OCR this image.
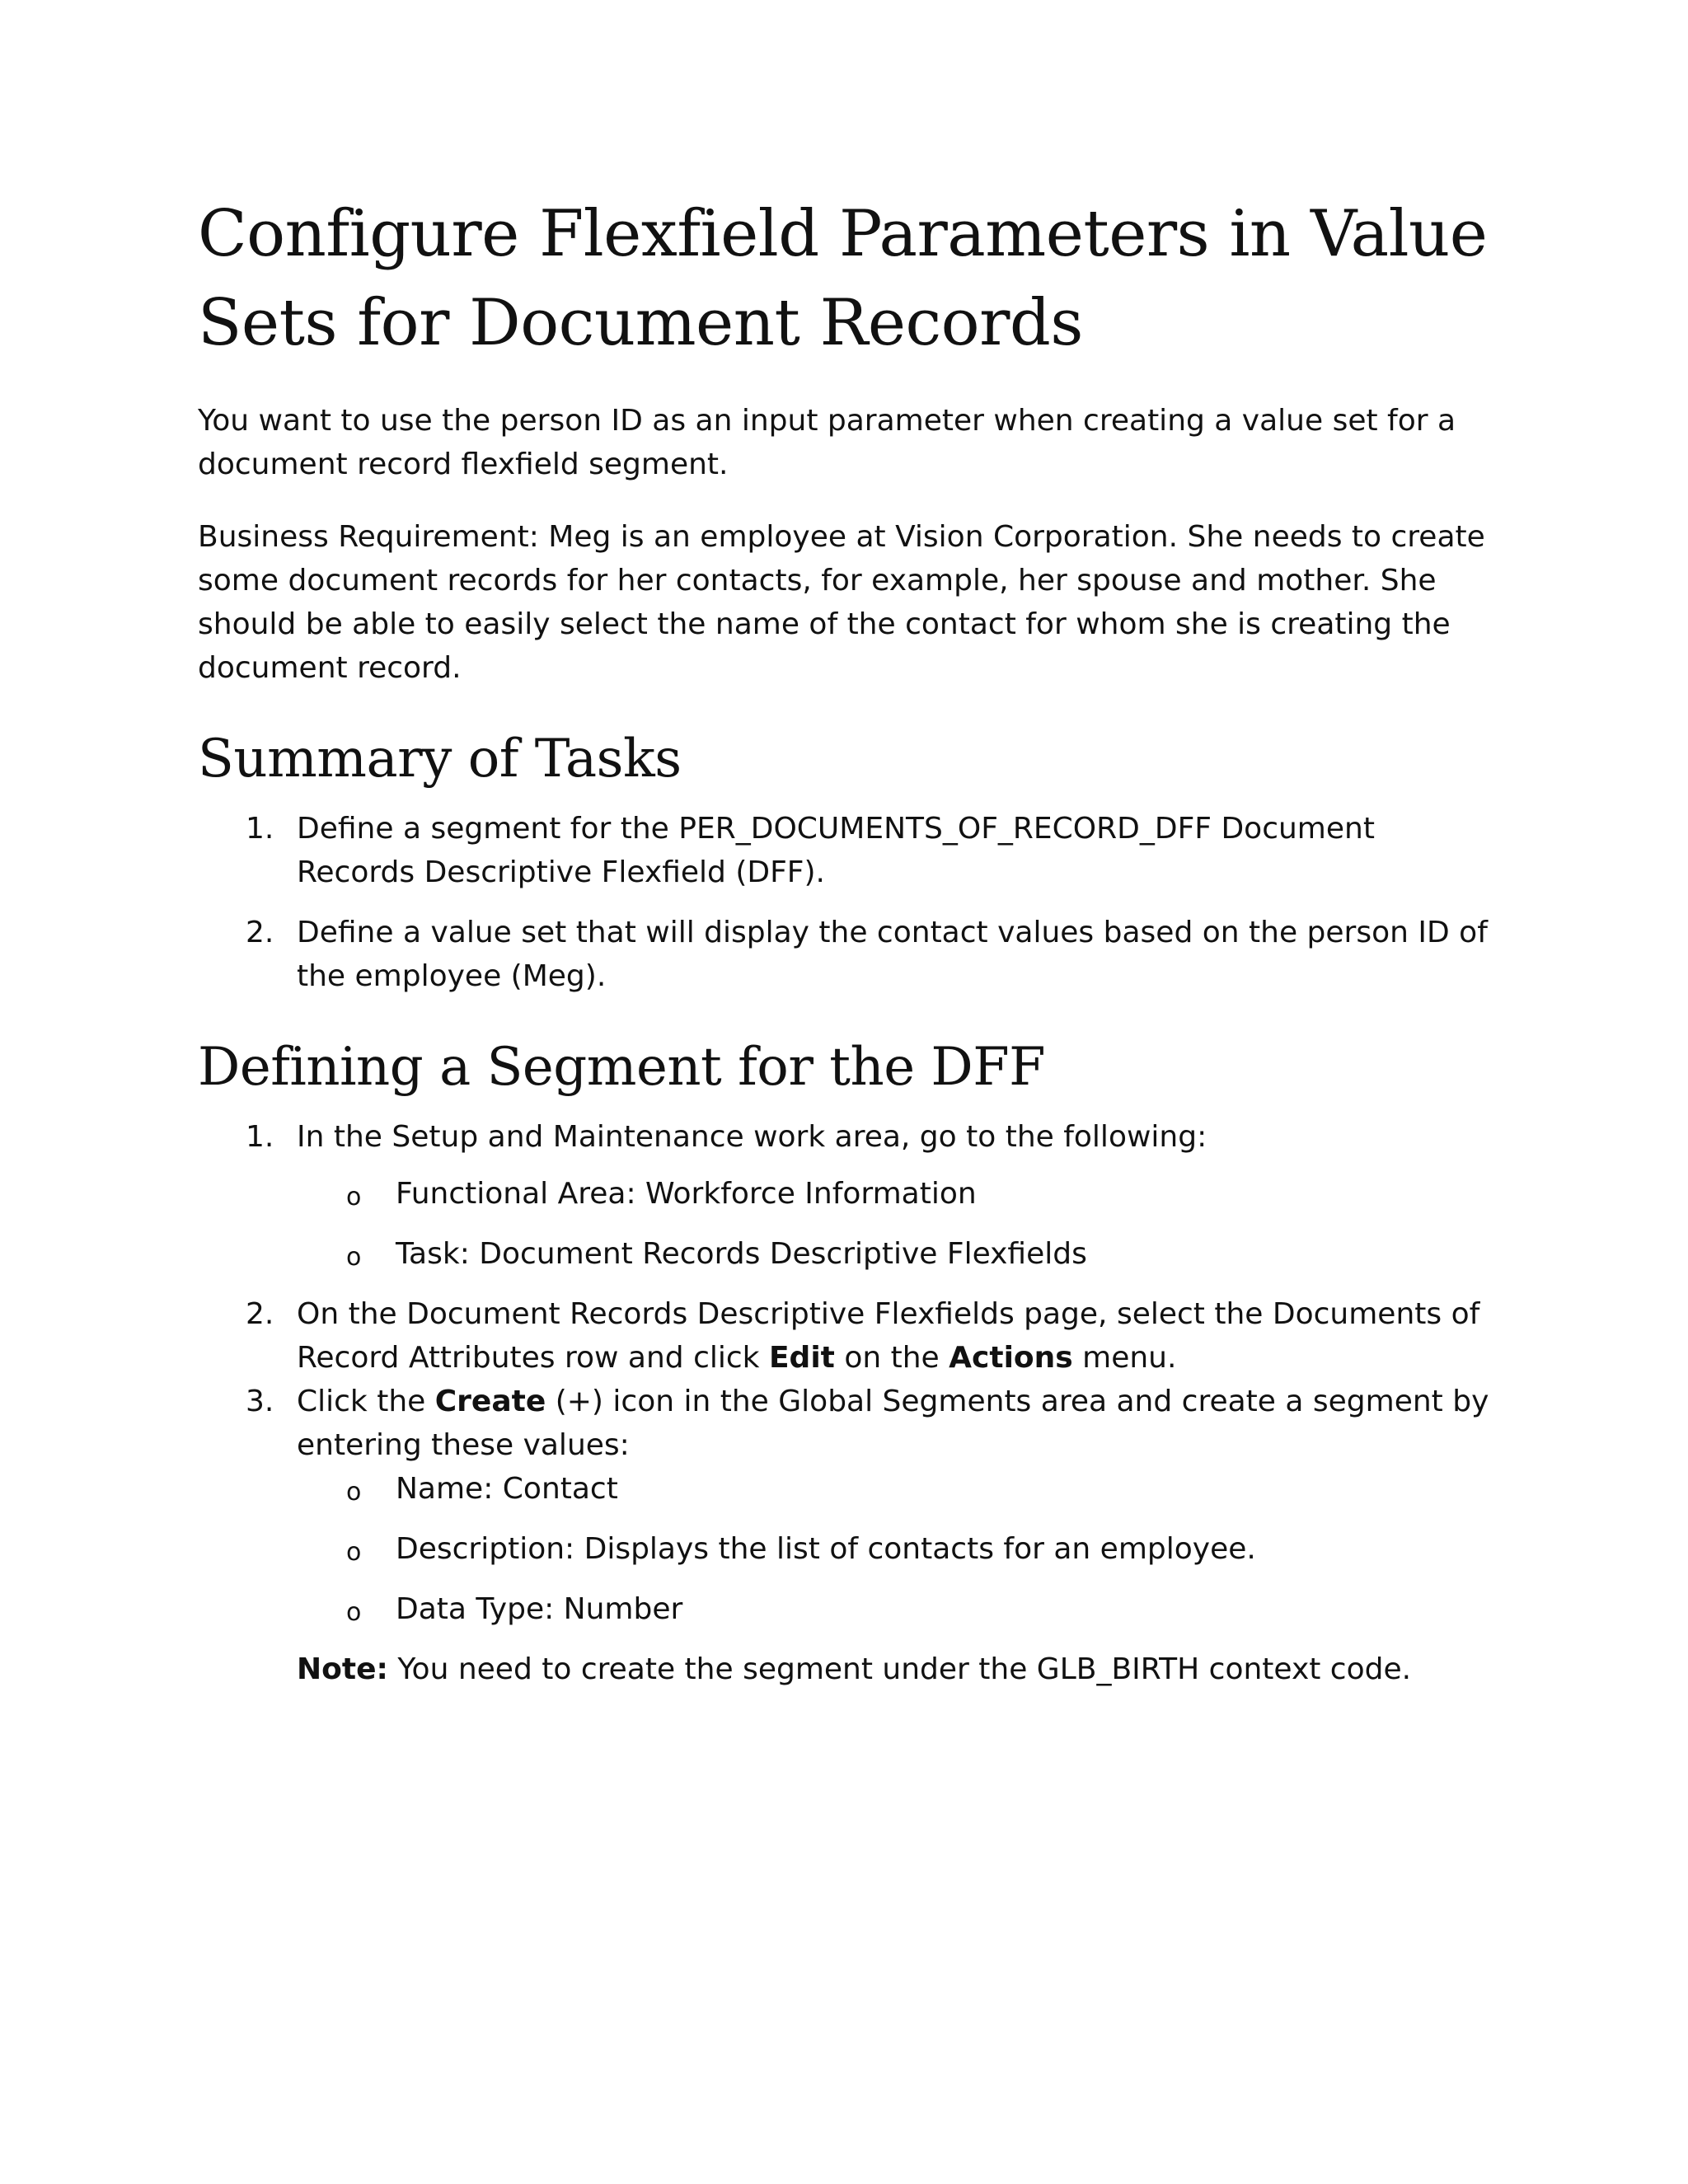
Configure Flexfield Parameters in Value Sets for Document Records

You want to use the person ID as an input parameter when creating a value set for a document record flexfield segment.

Business Requirement: Meg is an employee at Vision Corporation. She needs to create some document records for her contacts, for example, her spouse and mother. She should be able to easily select the name of the contact for whom she is creating the document record.

Summary of Tasks
1. Define a segment for the PER_DOCUMENTS_OF_RECORD_DFF Document Records Descriptive Flexfield (DFF).
2. Define a value set that will display the contact values based on the person ID of the employee (Meg).
Defining a Segment for the DFF
1. In the Setup and Maintenance work area, go to the following:
o Functional Area: Workforce Information
o Task: Document Records Descriptive Flexfields
2. On the Document Records Descriptive Flexfields page, select the Documents of Record Attributes row and click Edit on the Actions menu.
3. Click the Create (+) icon in the Global Segments area and create a segment by entering these values:
o Name: Contact
o Description: Displays the list of contacts for an employee.
o Data Type: Number

Note: You need to create the segment under the GLB_BIRTH context code.
